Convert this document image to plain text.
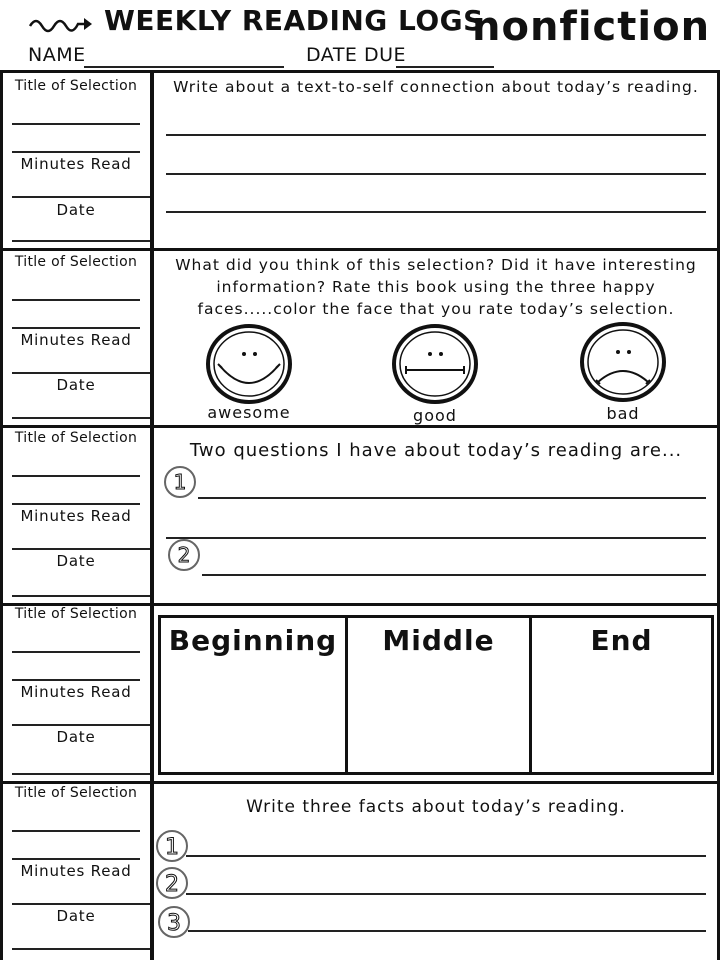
WEEKLY READING LOGS
nonfiction
NAME	DATE DUE
Title of Selection
Minutes Read
Date
Title of Selection
Minutes Read
Date
Title of Selection
Minutes Read
Date
Title of Selection
Minutes Read
Date
Title of Selection
Minutes Read
Date
Write about a text-to-self connection about today’s reading.
What did you think of this selection? Did it have interesting information? Rate this book using the three happy faces.....color the face that you rate today’s selection.
awesome	good	bad
Two questions I have about today’s reading are...
1
2
Beginning	Middle	End
Write three facts about today’s reading.
1
2
3
